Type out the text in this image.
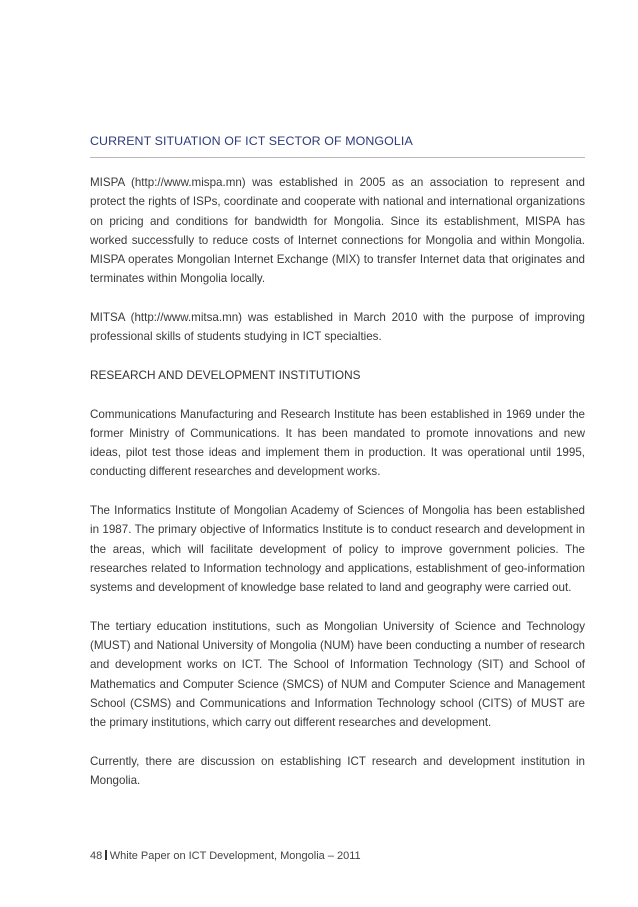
CURRENT SITUATION OF ICT SECTOR OF MONGOLIA

MISPA (http://www.mispa.mn) was established in 2005 as an association to represent and protect the rights of ISPs, coordinate and cooperate with national and international organizations on pricing and conditions for bandwidth for Mongolia. Since its establishment, MISPA has worked successfully to reduce costs of Internet connections for Mongolia and within Mongolia. MISPA operates Mongolian Internet Exchange (MIX) to transfer Internet data that originates and terminates within Mongolia locally.

MITSA (http://www.mitsa.mn) was established in March 2010 with the purpose of improving professional skills of students studying in ICT specialties.

RESEARCH AND DEVELOPMENT INSTITUTIONS

Communications Manufacturing and Research Institute has been established in 1969 under the former Ministry of Communications. It has been mandated to promote innovations and new ideas, pilot test those ideas and implement them in production. It was operational until 1995, conducting different researches and development works.

The Informatics Institute of Mongolian Academy of Sciences of Mongolia has been established in 1987. The primary objective of Informatics Institute is to conduct research and development in the areas, which will facilitate development of policy to improve government policies. The researches related to Information technology and applications, establishment of geo-information systems and development of knowledge base related to land and geography were carried out.

The tertiary education institutions, such as Mongolian University of Science and Technology (MUST) and National University of Mongolia (NUM) have been conducting a number of research and development works on ICT. The School of Information Technology (SIT) and School of Mathematics and Computer Science (SMCS) of NUM and Computer Science and Management School (CSMS) and Communications and Information Technology school (CITS) of MUST are the primary institutions, which carry out different researches and development.

Currently, there are discussion on establishing ICT research and development institution in Mongolia.

48 White Paper on ICT Development, Mongolia – 2011
